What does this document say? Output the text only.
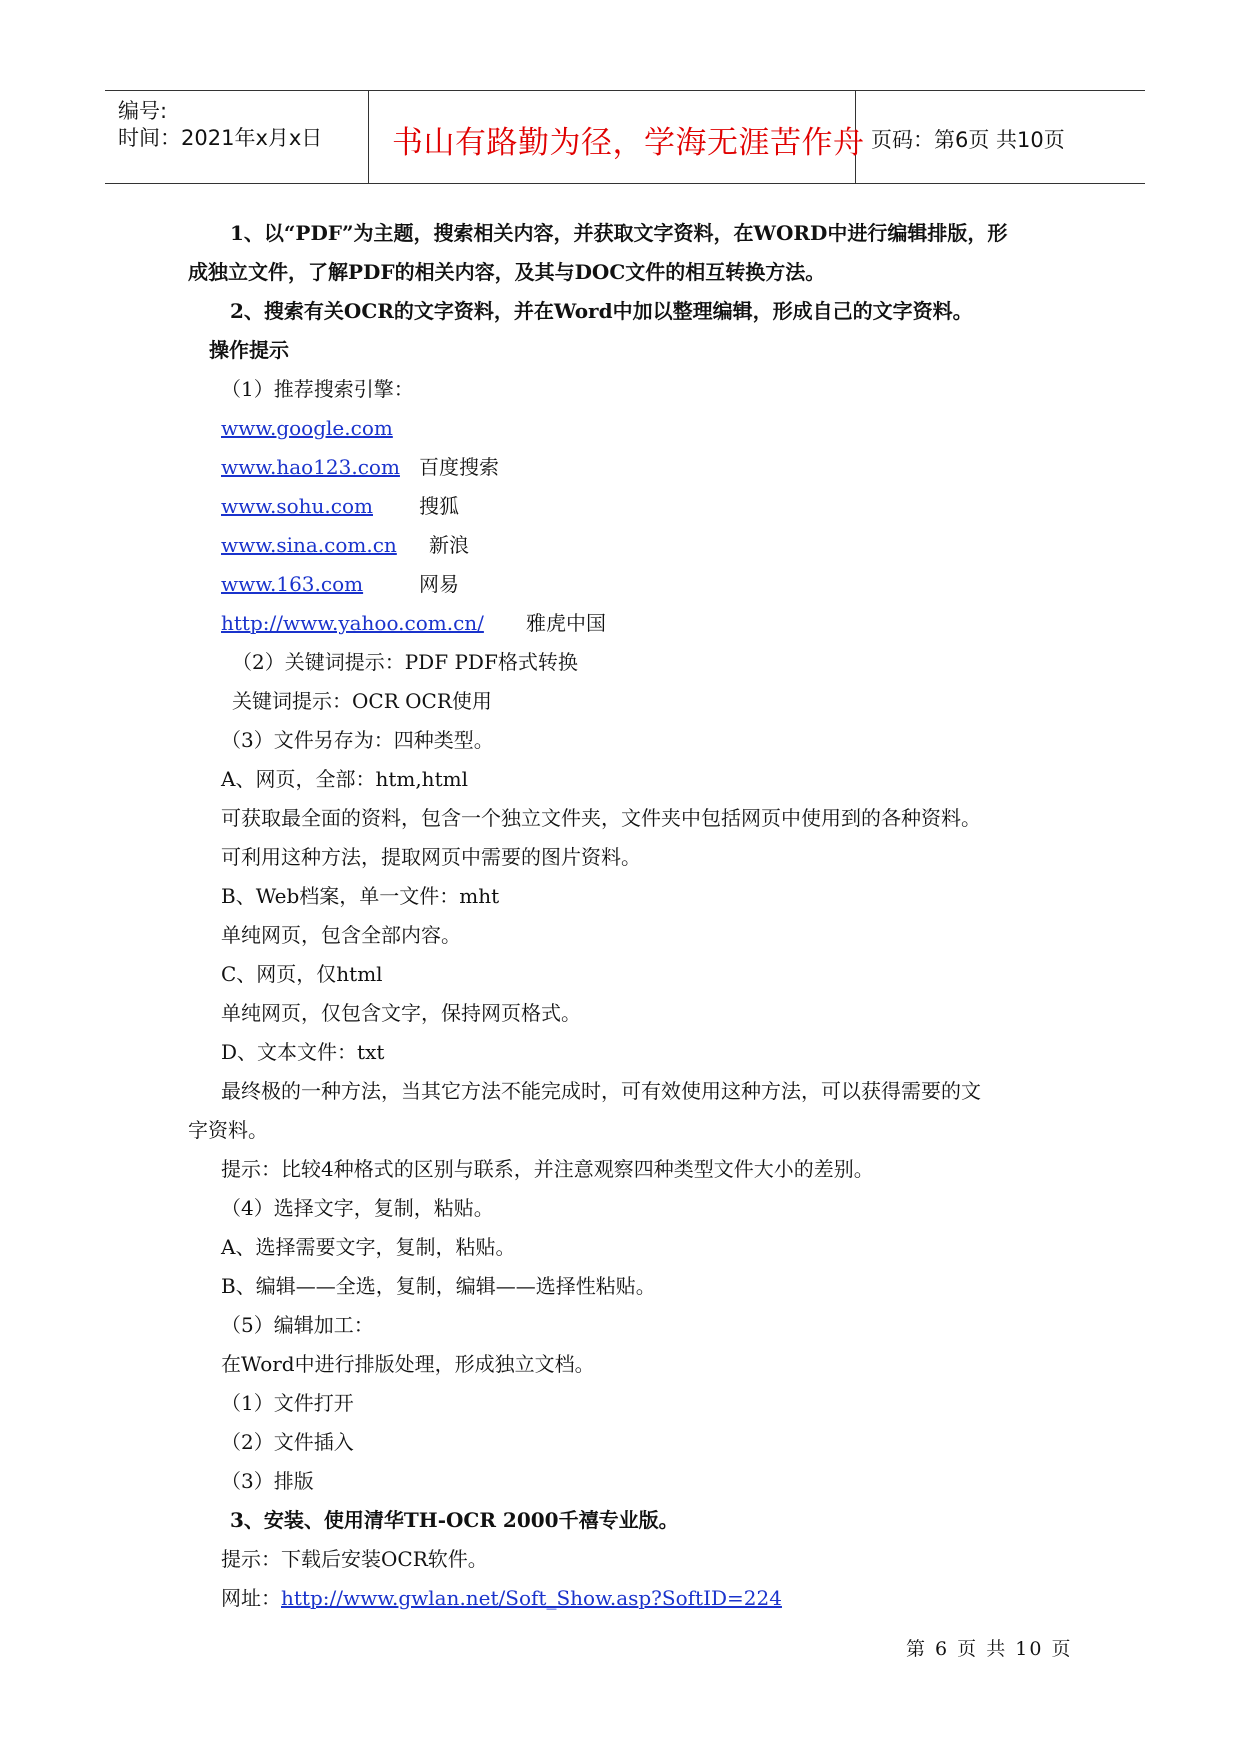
编号:
时间：2021年x月x日 书山有路勤为径，学海无涯苦作舟 页码：第6页 共10页
1、以“PDF”为主题，搜索相关内容，并获取文字资料，在WORD中进行编辑排版，形
成独立文件，了解PDF的相关内容，及其与DOC文件的相互转换方法。
2、搜索有关OCR的文字资料，并在Word中加以整理编辑，形成自己的文字资料。
操作提示
（1）推荐搜索引擎：
www.google.com
www.hao123.com 百度搜索
www.sohu.com 搜狐
www.sina.com.cn 新浪
www.163.com	网易
http://www.yahoo.com.cn/ 雅虎中国
（2）关键词提示：PDF PDF格式转换
关键词提示：OCR OCR使用
（3）文件另存为：四种类型。
A、网页，全部：htm,html
可获取最全面的资料，包含一个独立文件夹，文件夹中包括网页中使用到的各种资料。
可利用这种方法，提取网页中需要的图片资料。
B、Web档案，单一文件：mht
单纯网页，包含全部内容。
C、网页，仅html
单纯网页，仅包含文字，保持网页格式。
D、文本文件：txt
最终极的一种方法，当其它方法不能完成时，可有效使用这种方法，可以获得需要的文
字资料。
提示：比较4种格式的区别与联系，并注意观察四种类型文件大小的差别。
（4）选择文字，复制，粘贴。
A、选择需要文字，复制，粘贴。
B、编辑——全选，复制，编辑——选择性粘贴。
（5）编辑加工：
在Word中进行排版处理，形成独立文档。
（1）文件打开
（2）文件插入
（3）排版
3、安装、使用清华TH-OCR 2000千禧专业版。
提示：下载后安装OCR软件。
网址：http://www.gwlan.net/Soft_Show.asp?SoftID=224
第 6 页 共 10 页
